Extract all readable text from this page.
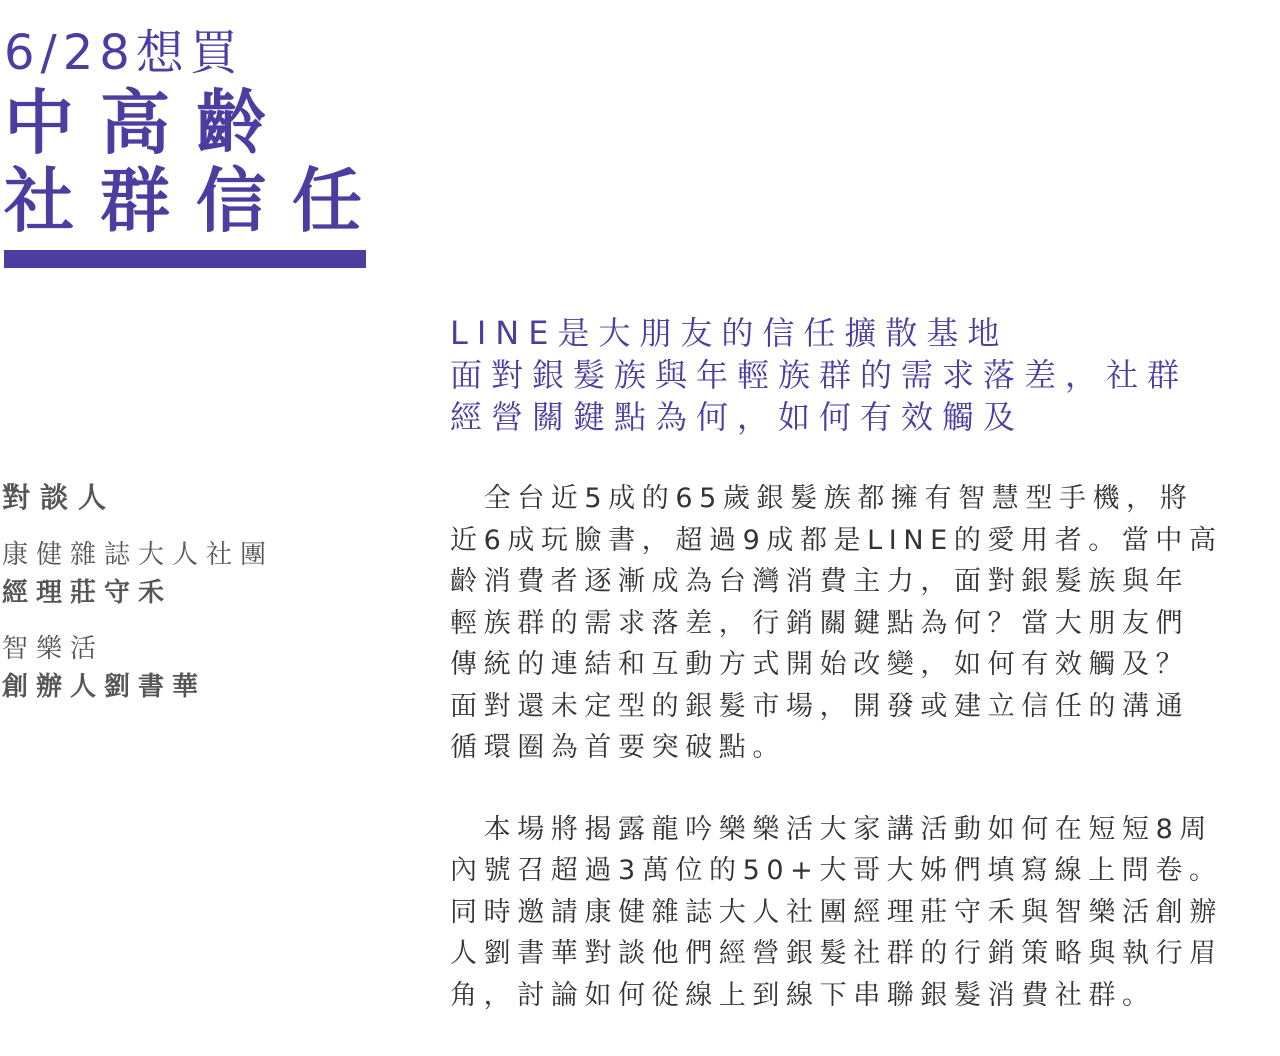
6/28想買
中高齡
社群信任
對談人
康健雜誌大人社團
經理莊守禾
智樂活
創辦人劉書華
LINE是大朋友的信任擴散基地
面對銀髮族與年輕族群的需求落差，社群
經營關鍵點為何，如何有效觸及
　全台近5成的65歲銀髮族都擁有智慧型手機，將
近6成玩臉書，超過9成都是LINE的愛用者。當中高
齡消費者逐漸成為台灣消費主力，面對銀髮族與年
輕族群的需求落差，行銷關鍵點為何？當大朋友們
傳統的連結和互動方式開始改變，如何有效觸及？
面對還未定型的銀髮市場，開發或建立信任的溝通
循環圈為首要突破點。
　本場將揭露龍吟樂樂活大家講活動如何在短短8周
內號召超過3萬位的50+大哥大姊們填寫線上問卷。
同時邀請康健雜誌大人社團經理莊守禾與智樂活創辦
人劉書華對談他們經營銀髮社群的行銷策略與執行眉
角，討論如何從線上到線下串聯銀髮消費社群。
